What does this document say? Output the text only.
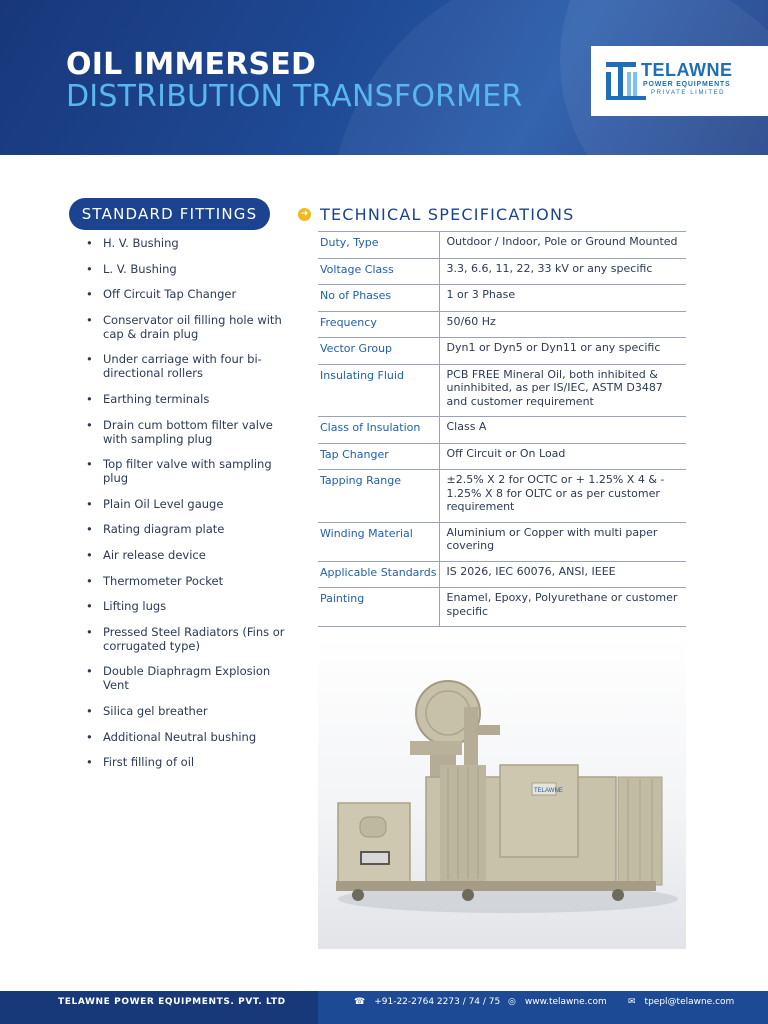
OIL IMMERSED
DISTRIBUTION TRANSFORMER
TELAWNE
POWER EQUIPMENTS
PRIVATE LIMITED
STANDARD FITTINGS
• H. V. Bushing
• L. V. Bushing
• Off Circuit Tap Changer
• Conservator oil filling hole with cap & drain plug
• Under carriage with four bi-directional rollers
• Earthing terminals
• Drain cum bottom filter valve with sampling plug
• Top filter valve with sampling plug
• Plain Oil Level gauge
• Rating diagram plate
• Air release device
• Thermometer Pocket
• Lifting lugs
• Pressed Steel Radiators (Fins or corrugated type)
• Double Diaphragm Explosion Vent
• Silica gel breather
• Additional Neutral bushing
• First filling of oil
➜ TECHNICAL SPECIFICATIONS
Duty, Type	Outdoor / Indoor, Pole or Ground Mounted
Voltage Class	3.3, 6.6, 11, 22, 33 kV or any specific
No of Phases	1 or 3 Phase
Frequency	50/60 Hz
Vector Group	Dyn1 or Dyn5 or Dyn11 or any specific
Insulating Fluid	PCB FREE Mineral Oil, both inhibited & uninhibited, as per IS/IEC, ASTM D3487 and customer requirement
Class of Insulation	Class A
Tap Changer	Off Circuit or On Load
Tapping Range	±2.5% X 2 for OCTC or + 1.25% X 4 & - 1.25% X 8 for OLTC or as per customer requirement
Winding Material	Aluminium or Copper with multi paper covering
Applicable Standards	IS 2026, IEC 60076, ANSI, IEEE
Painting	Enamel, Epoxy, Polyurethane or customer specific
TELAWNE
TELAWNE POWER EQUIPMENTS. PVT. LTD	☎ +91-22-2764 2273 / 74 / 75 ◎ www.telawne.com ✉ tpepl@telawne.com
